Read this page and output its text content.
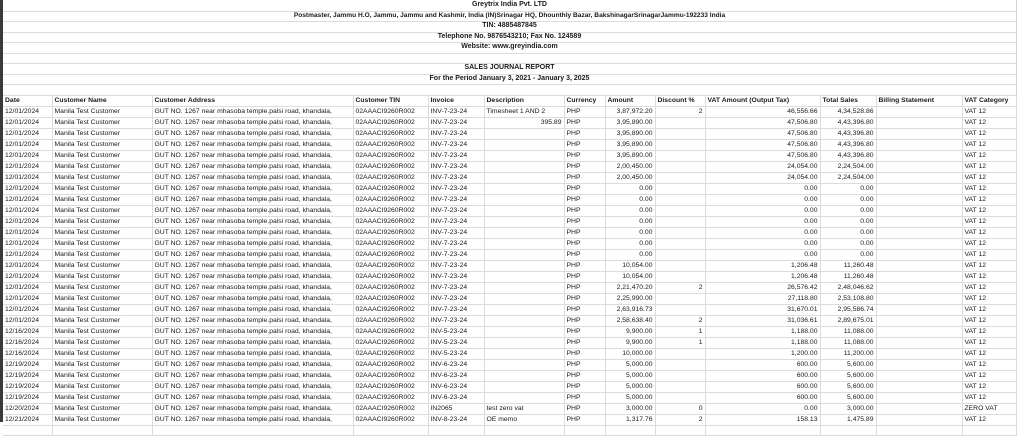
Greytrix India Pvt. LTD
Postmaster, Jammu H.O, Jammu, Jammu and Kashmir, India (IN)Srinagar HQ, Dhounthly Bazar, BakshinagarSrinagarJammu-192233 India
TIN: 4885487845
Telephone No. 9876543210; Fax No. 124589
Website: www.greyindia.com
SALES JOURNAL REPORT
For the Period January 3, 2021 - January 3, 2025
Date	Customer Name	Customer Address	Customer TIN	Invoice	Description	Currency	Amount	Discount %	VAT Amount (Output Tax)	Total Sales	Billing Statement	VAT Category
12/01/2024	Manila Test Customer	GUT NO. 1267 near mhasoba temple.palsi road, khandala,	02AAACI9260R002	INV-7-23-24	Timesheet 1 AND 2	PHP	3,87,972.20	2	46,556.66	4,34,528.86		VAT 12
12/01/2024	Manila Test Customer	GUT NO. 1267 near mhasoba temple.palsi road, khandala,	02AAACI9260R002	INV-7-23-24	395.89	PHP	3,95,890.00		47,506.80	4,43,396.80		VAT 12
12/01/2024	Manila Test Customer	GUT NO. 1267 near mhasoba temple.palsi road, khandala,	02AAACI9260R002	INV-7-23-24		PHP	3,95,890.00		47,506.80	4,43,396.80		VAT 12
12/01/2024	Manila Test Customer	GUT NO. 1267 near mhasoba temple.palsi road, khandala,	02AAACI9260R002	INV-7-23-24		PHP	3,95,890.00		47,506.80	4,43,396.80		VAT 12
12/01/2024	Manila Test Customer	GUT NO. 1267 near mhasoba temple.palsi road, khandala,	02AAACI9260R002	INV-7-23-24		PHP	3,95,890.00		47,506.80	4,43,396.80		VAT 12
12/01/2024	Manila Test Customer	GUT NO. 1267 near mhasoba temple.palsi road, khandala,	02AAACI9260R002	INV-7-23-24		PHP	2,00,450.00		24,054.00	2,24,504.00		VAT 12
12/01/2024	Manila Test Customer	GUT NO. 1267 near mhasoba temple.palsi road, khandala,	02AAACI9260R002	INV-7-23-24		PHP	2,00,450.00		24,054.00	2,24,504.00		VAT 12
12/01/2024	Manila Test Customer	GUT NO. 1267 near mhasoba temple.palsi road, khandala,	02AAACI9260R002	INV-7-23-24		PHP	0.00		0.00	0.00		VAT 12
12/01/2024	Manila Test Customer	GUT NO. 1267 near mhasoba temple.palsi road, khandala,	02AAACI9260R002	INV-7-23-24		PHP	0.00		0.00	0.00		VAT 12
12/01/2024	Manila Test Customer	GUT NO. 1267 near mhasoba temple.palsi road, khandala,	02AAACI9260R002	INV-7-23-24		PHP	0.00		0.00	0.00		VAT 12
12/01/2024	Manila Test Customer	GUT NO. 1267 near mhasoba temple.palsi road, khandala,	02AAACI9260R002	INV-7-23-24		PHP	0.00		0.00	0.00		VAT 12
12/01/2024	Manila Test Customer	GUT NO. 1267 near mhasoba temple.palsi road, khandala,	02AAACI9260R002	INV-7-23-24		PHP	0.00		0.00	0.00		VAT 12
12/01/2024	Manila Test Customer	GUT NO. 1267 near mhasoba temple.palsi road, khandala,	02AAACI9260R002	INV-7-23-24		PHP	0.00		0.00	0.00		VAT 12
12/01/2024	Manila Test Customer	GUT NO. 1267 near mhasoba temple.palsi road, khandala,	02AAACI9260R002	INV-7-23-24		PHP	0.00		0.00	0.00		VAT 12
12/01/2024	Manila Test Customer	GUT NO. 1267 near mhasoba temple.palsi road, khandala,	02AAACI9260R002	INV-7-23-24		PHP	10,054.00		1,206.48	11,260.48		VAT 12
12/01/2024	Manila Test Customer	GUT NO. 1267 near mhasoba temple.palsi road, khandala,	02AAACI9260R002	INV-7-23-24		PHP	10,054.00		1,206.48	11,260.48		VAT 12
12/01/2024	Manila Test Customer	GUT NO. 1267 near mhasoba temple.palsi road, khandala,	02AAACI9260R002	INV-7-23-24		PHP	2,21,470.20	2	26,576.42	2,48,046.62		VAT 12
12/01/2024	Manila Test Customer	GUT NO. 1267 near mhasoba temple.palsi road, khandala,	02AAACI9260R002	INV-7-23-24		PHP	2,25,990.00		27,118.80	2,53,108.80		VAT 12
12/01/2024	Manila Test Customer	GUT NO. 1267 near mhasoba temple.palsi road, khandala,	02AAACI9260R002	INV-7-23-24		PHP	2,63,916.73		31,670.01	2,95,586.74		VAT 12
12/01/2024	Manila Test Customer	GUT NO. 1267 near mhasoba temple.palsi road, khandala,	02AAACI9260R002	INV-7-23-24		PHP	2,58,638.40	2	31,036.61	2,89,675.01		VAT 12
12/16/2024	Manila Test Customer	GUT NO. 1267 near mhasoba temple.palsi road, khandala,	02AAACI9260R002	INV-5-23-24		PHP	9,900.00	1	1,188.00	11,088.00		VAT 12
12/16/2024	Manila Test Customer	GUT NO. 1267 near mhasoba temple.palsi road, khandala,	02AAACI9260R002	INV-5-23-24		PHP	9,900.00	1	1,188.00	11,088.00		VAT 12
12/16/2024	Manila Test Customer	GUT NO. 1267 near mhasoba temple.palsi road, khandala,	02AAACI9260R002	INV-5-23-24		PHP	10,000.00		1,200.00	11,200.00		VAT 12
12/19/2024	Manila Test Customer	GUT NO. 1267 near mhasoba temple.palsi road, khandala,	02AAACI9260R002	INV-6-23-24		PHP	5,000.00		600.00	5,600.00		VAT 12
12/19/2024	Manila Test Customer	GUT NO. 1267 near mhasoba temple.palsi road, khandala,	02AAACI9260R002	INV-6-23-24		PHP	5,000.00		600.00	5,600.00		VAT 12
12/19/2024	Manila Test Customer	GUT NO. 1267 near mhasoba temple.palsi road, khandala,	02AAACI9260R002	INV-6-23-24		PHP	5,000.00		600.00	5,600.00		VAT 12
12/19/2024	Manila Test Customer	GUT NO. 1267 near mhasoba temple.palsi road, khandala,	02AAACI9260R002	INV-6-23-24		PHP	5,000.00		600.00	5,600.00		VAT 12
12/20/2024	Manila Test Customer	GUT NO. 1267 near mhasoba temple.palsi road, khandala,	02AAACI9260R002	IN2065	test zero vat	PHP	3,000.00	0	0.00	3,000.00		ZERO VAT
12/21/2024	Manila Test Customer	GUT NO. 1267 near mhasoba temple.palsi road, khandala,	02AAACI9260R002	INV-8-23-24	OE memo	PHP	1,317.76	2	158.13	1,475.89		VAT 12
